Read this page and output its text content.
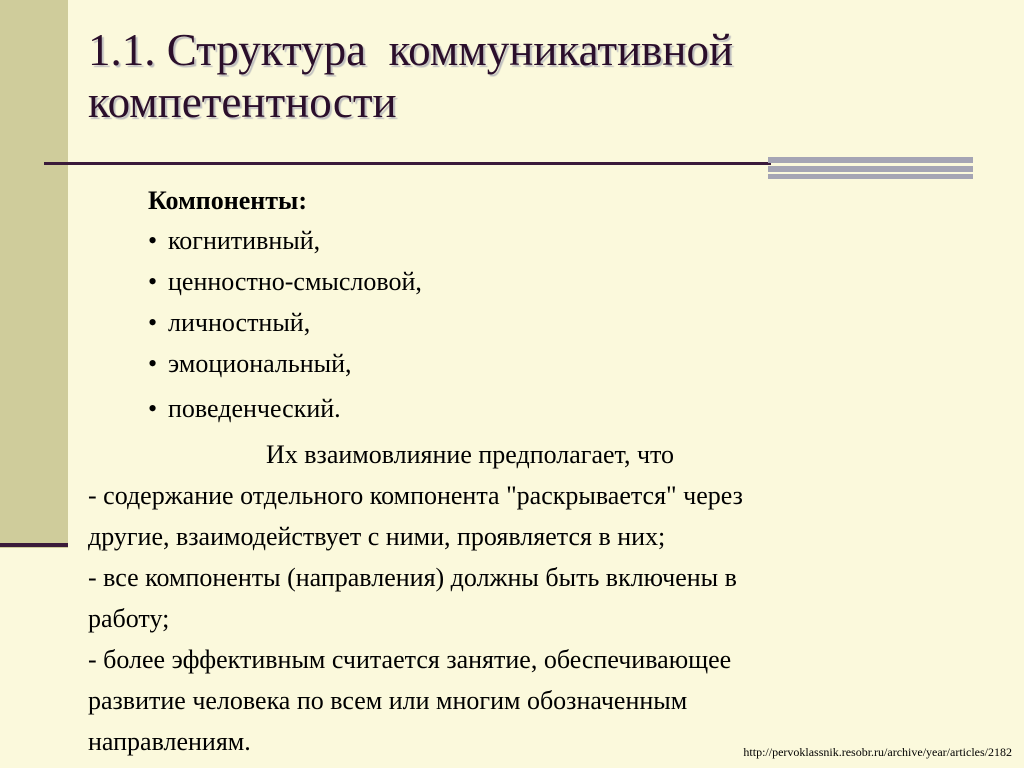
1.1. Структура  коммуникативной
компетентности
Компоненты:
• когнитивный,
• ценностно-смысловой,
• личностный,
• эмоциональный,
• поведенческий.
Их взаимовлияние предполагает, что
- содержание отдельного компонента "раскрывается" через
другие, взаимодействует с ними, проявляется в них;
- все компоненты (направления) должны быть включены в
работу;
- более эффективным считается занятие, обеспечивающее
развитие человека по всем или многим обозначенным
направлениям.	http://pervoklassnik.resobr.ru/archive/year/articles/2182
